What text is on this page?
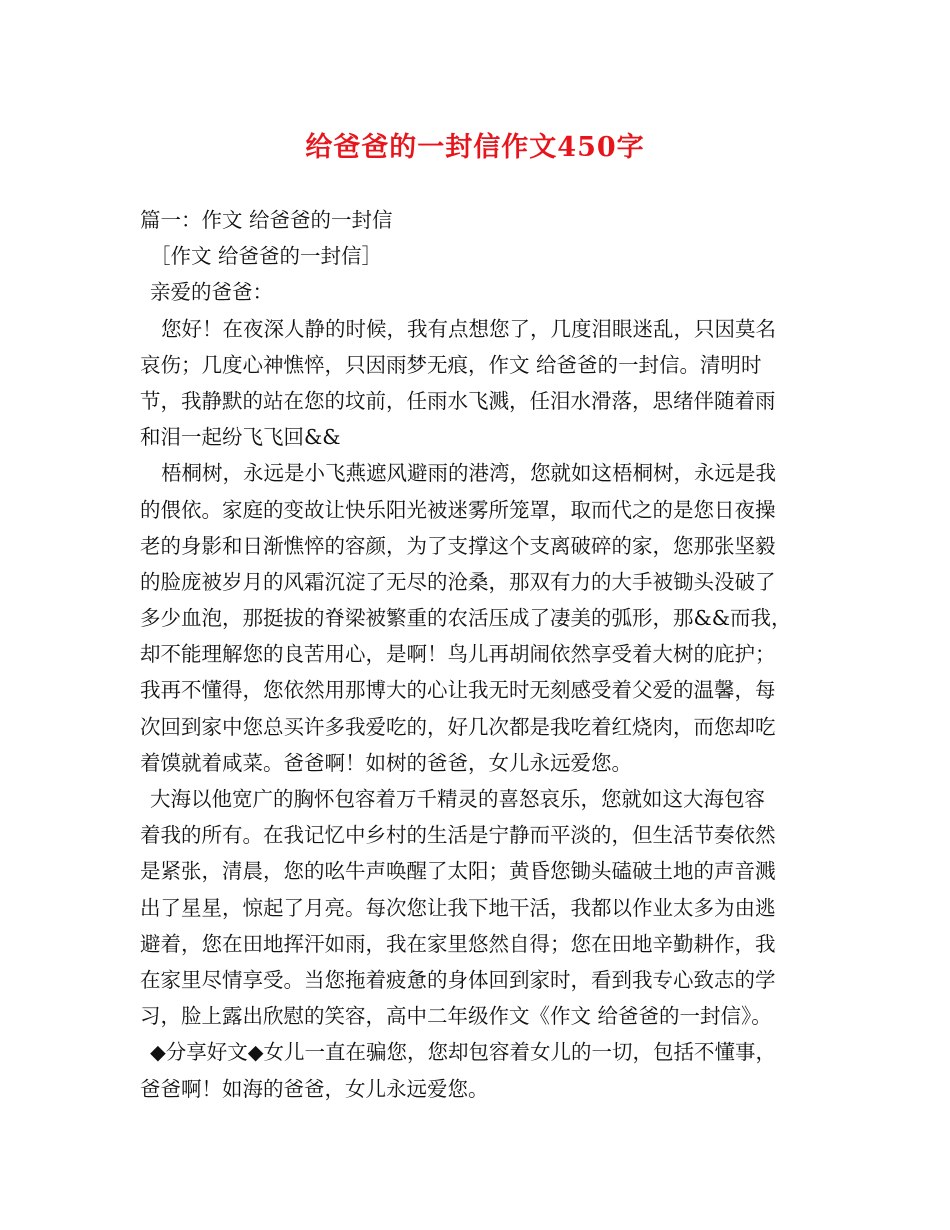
给爸爸的一封信作文450字
篇一：作文 给爸爸的一封信
［作文 给爸爸的一封信］
亲爱的爸爸：
您好！在夜深人静的时候，我有点想您了，几度泪眼迷乱，只因莫名
哀伤；几度心神憔悴，只因雨梦无痕，作文 给爸爸的一封信。清明时
节，我静默的站在您的坟前，任雨水飞溅，任泪水滑落，思绪伴随着雨
和泪一起纷飞飞回&&
梧桐树，永远是小飞燕遮风避雨的港湾，您就如这梧桐树，永远是我
的偎依。家庭的变故让快乐阳光被迷雾所笼罩，取而代之的是您日夜操
老的身影和日渐憔悴的容颜，为了支撑这个支离破碎的家，您那张坚毅
的脸庞被岁月的风霜沉淀了无尽的沧桑，那双有力的大手被锄头没破了
多少血泡，那挺拔的脊梁被繁重的农活压成了凄美的弧形，那&&而我，
却不能理解您的良苦用心，是啊！鸟儿再胡闹依然享受着大树的庇护；
我再不懂得，您依然用那博大的心让我无时无刻感受着父爱的温馨，每
次回到家中您总买许多我爱吃的，好几次都是我吃着红烧肉，而您却吃
着馍就着咸菜。爸爸啊！如树的爸爸，女儿永远爱您。
大海以他宽广的胸怀包容着万千精灵的喜怒哀乐，您就如这大海包容
着我的所有。在我记忆中乡村的生活是宁静而平淡的，但生活节奏依然
是紧张，清晨，您的吆牛声唤醒了太阳；黄昏您锄头磕破土地的声音溅
出了星星，惊起了月亮。每次您让我下地干活，我都以作业太多为由逃
避着，您在田地挥汗如雨，我在家里悠然自得；您在田地辛勤耕作，我
在家里尽情享受。当您拖着疲惫的身体回到家时，看到我专心致志的学
习，脸上露出欣慰的笑容，高中二年级作文《作文 给爸爸的一封信》。
◆分享好文◆女儿一直在骗您，您却包容着女儿的一切，包括不懂事，
爸爸啊！如海的爸爸，女儿永远爱您。
